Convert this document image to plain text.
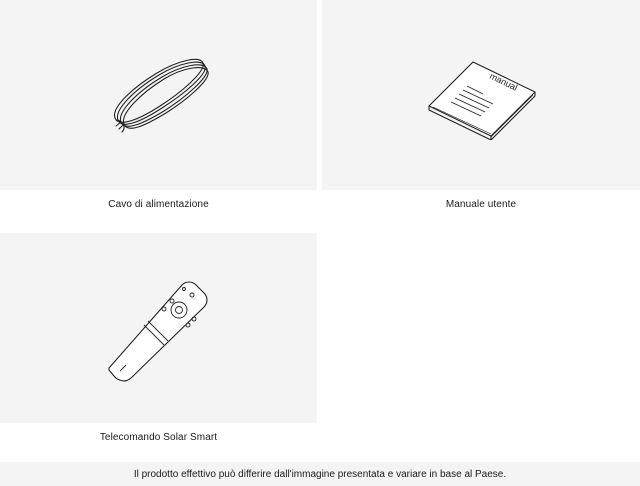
Cavo di alimentazione
manual
Manuale utente
Telecomando Solar Smart
Il prodotto effettivo può differire dall'immagine presentata e variare in base al Paese.
